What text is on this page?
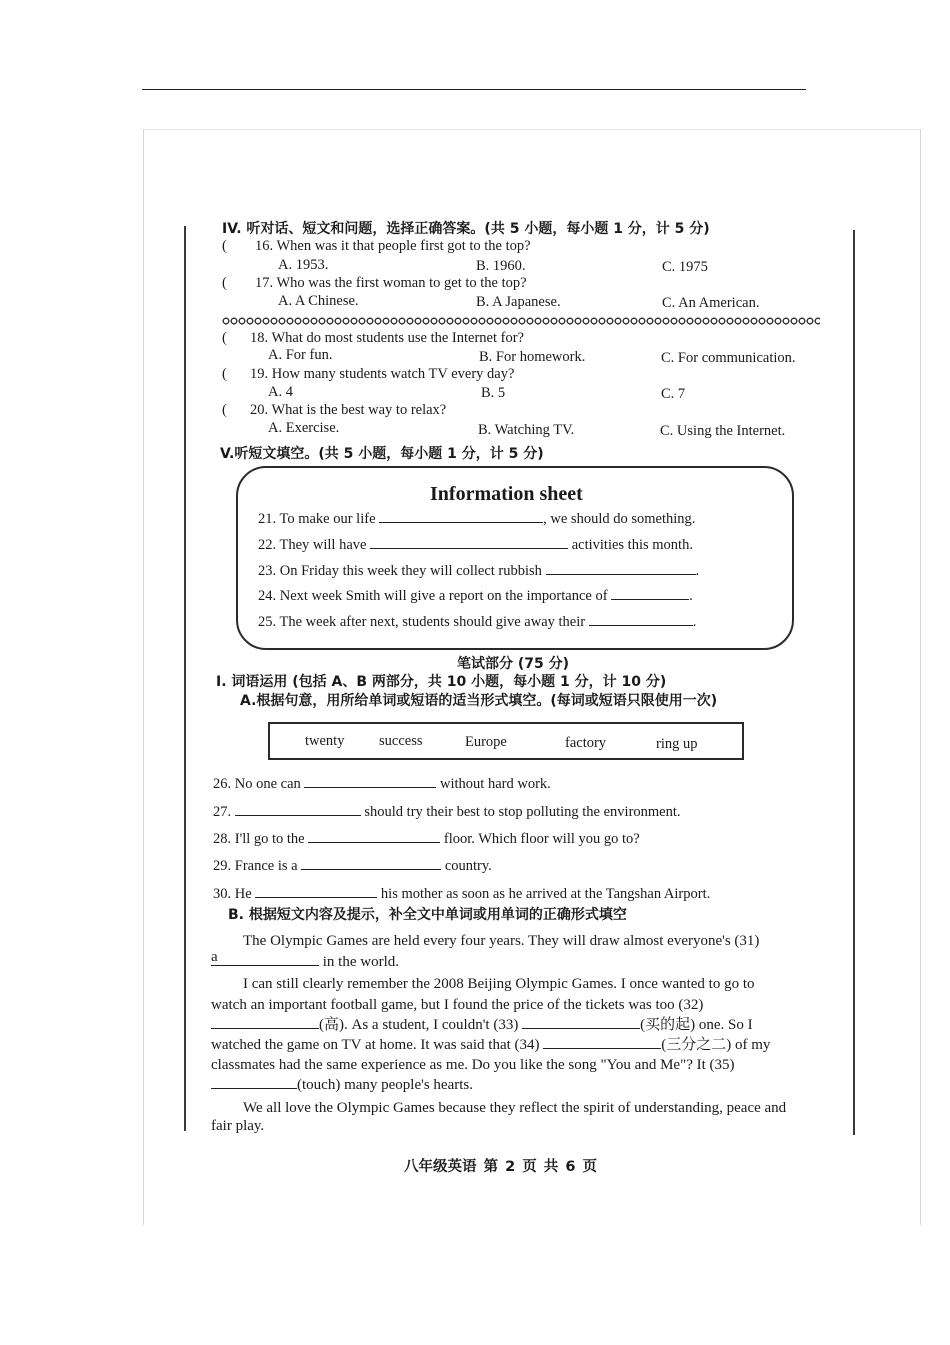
IV. 听对话、短文和问题，选择正确答案。(共 5 小题，每小题 1 分，计 5 分)
( 16. When was it that people first got to the top?
A. 1953.	B. 1960.	C. 1975
( 17. Who was the first woman to get to the top?
A. A Chinese.	B. A Japanese.	C. An American.
( 18. What do most students use the Internet for?
A. For fun.	B. For homework.	C. For communication.
( 19. How many students watch TV every day?
A. 4	B. 5	C. 7
( 20. What is the best way to relax?
A. Exercise.	B. Watching TV.	C. Using the Internet.
V.听短文填空。(共 5 小题，每小题 1 分，计 5 分)
Information sheet
21. To make our life	, we should do something.
22. They will have	activities this month.
23. On Friday this week they will collect rubbish	.
24. Next week Smith will give a report on the importance of	.
25. The week after next, students should give away their	.
笔试部分 (75 分)
I. 词语运用 (包括 A、B 两部分，共 10 小题，每小题 1 分，计 10 分)
A.根据句意，用所给单词或短语的适当形式填空。(每词或短语只限使用一次)
twenty success	Europe	factory	ring up
26. No one can	without hard work.
27.	should try their best to stop polluting the environment.
28. I'll go to the	floor. Which floor will you go to?
29. France is a	country.
30. He	his mother as soon as he arrived at the Tangshan Airport.
B. 根据短文内容及提示，补全文中单词或用单词的正确形式填空
The Olympic Games are held every four years. They will draw almost everyone's (31)
a	in the world.
I can still clearly remember the 2008 Beijing Olympic Games. I once wanted to go to
watch an important football game, but I found the price of the tickets was too (32)
(高). As a student, I couldn't (33)	(买的起) one. So I
watched the game on TV at home. It was said that (34)	(三分之二) of my
classmates had the same experience as me. Do you like the song "You and Me"? It (35)
(touch) many people's hearts.
We all love the Olympic Games because they reflect the spirit of understanding, peace and
fair play.
八年级英语 第 2 页 共 6 页
